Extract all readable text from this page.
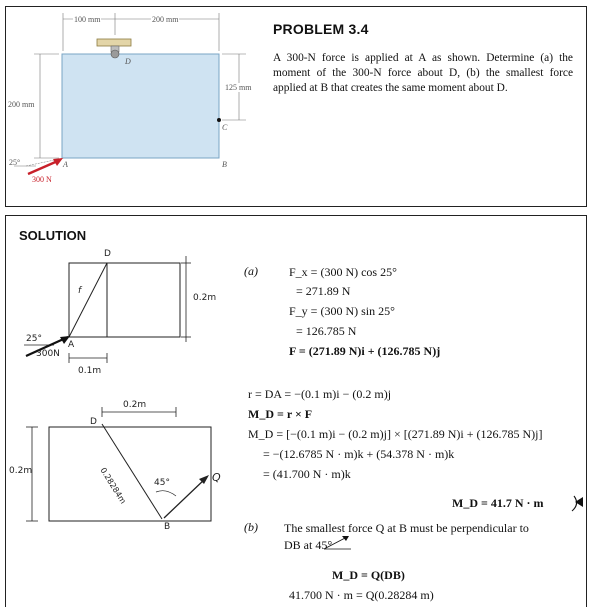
100 mm	200 mm
200 mm
125 mm
25°
300 N
A	B
C
D
PROBLEM 3.4
A 300-N force is applied at A as shown. Determine (a) the moment of the 300-N force about D, (b) the smallest force applied at B that creates the same moment about D.
SOLUTION
25°
300N
A
D
0.2m
0.1m
f
0.2m
0.2m	0.28284m	45°
D
B
Q
(a)	F_x = (300 N) cos 25°
= 271.89 N
F_y = (300 N) sin 25°
= 126.785 N
F = (271.89 N)i + (126.785 N)j
r = DA = −(0.1 m)i − (0.2 m)j
M_D = r × F
M_D = [−(0.1 m)i − (0.2 m)j] × [(271.89 N)i + (126.785 N)j]
= −(12.6785 N · m)k + (54.378 N · m)k
= (41.700 N · m)k
M_D = 41.7 N · m
(b) The smallest force Q at B must be perpendicular to
DB at 45°
M_D = Q(DB)
41.700 N · m = Q(0.28284 m)
